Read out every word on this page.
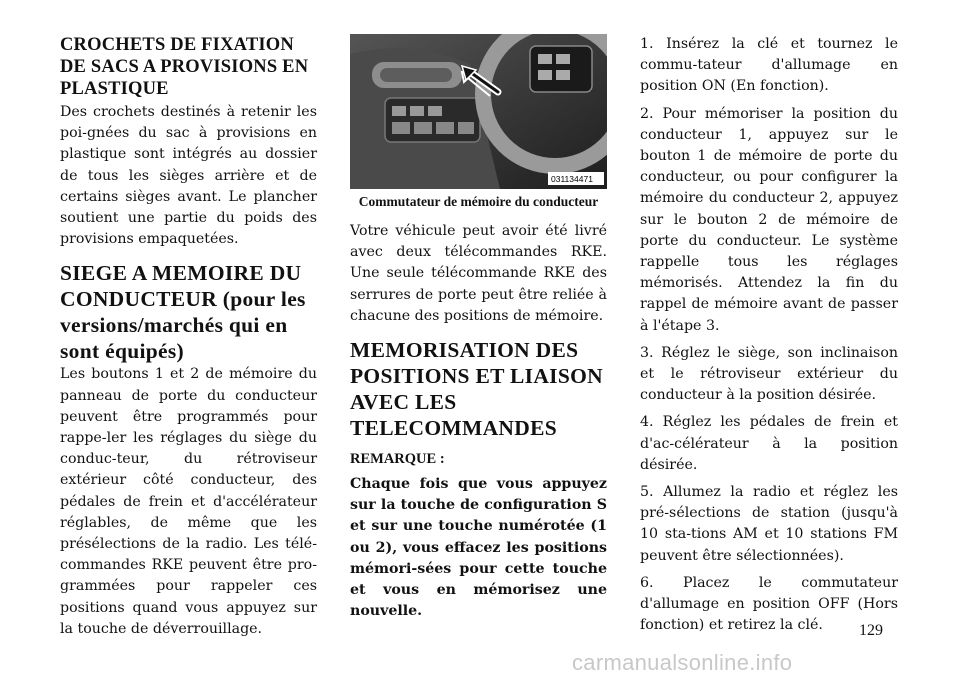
CROCHETS DE FIXATION DE SACS A PROVISIONS EN PLASTIQUE

Des crochets destinés à retenir les poi-gnées du sac à provisions en plastique sont intégrés au dossier de tous les sièges arrière et de certains sièges avant. Le plancher soutient une partie du poids des provisions empaquetées.

SIEGE A MEMOIRE DU CONDUCTEUR (pour les versions/marchés qui en sont équipés)

Les boutons 1 et 2 de mémoire du panneau de porte du conducteur peuvent être programmés pour rappe-ler les réglages du siège du conduc-teur, du rétroviseur extérieur côté conducteur, des pédales de frein et d'accélérateur réglables, de même que les présélections de la radio. Les télé-commandes RKE peuvent être pro-grammées pour rappeler ces positions quand vous appuyez sur la touche de déverrouillage.

031134471
Commutateur de mémoire du conducteur

Votre véhicule peut avoir été livré avec deux télécommandes RKE. Une seule télécommande RKE des serrures de porte peut être reliée à chacune des positions de mémoire.

MEMORISATION DES POSITIONS ET LIAISON AVEC LES TELECOMMANDES
REMARQUE :

Chaque fois que vous appuyez sur la touche de configuration S et sur une touche numérotée (1 ou 2), vous effacez les positions mémori-sées pour cette touche et vous en mémorisez une nouvelle.

1. Insérez la clé et tournez le commu-tateur d'allumage en position ON (En fonction).

2. Pour mémoriser la position du conducteur 1, appuyez sur le bouton 1 de mémoire de porte du conducteur, ou pour configurer la mémoire du conducteur 2, appuyez sur le bouton 2 de mémoire de porte du conducteur. Le système rappelle tous les réglages mémorisés. Attendez la fin du rappel de mémoire avant de passer à l'étape 3.

3. Réglez le siège, son inclinaison et le rétroviseur extérieur du conducteur à la position désirée.

4. Réglez les pédales de frein et d'ac-célérateur à la position désirée.

5. Allumez la radio et réglez les pré-sélections de station (jusqu'à 10 sta-tions AM et 10 stations FM peuvent être sélectionnées).

6. Placez le commutateur d'allumage en position OFF (Hors fonction) et retirez la clé.	129
carmanualsonline.info
